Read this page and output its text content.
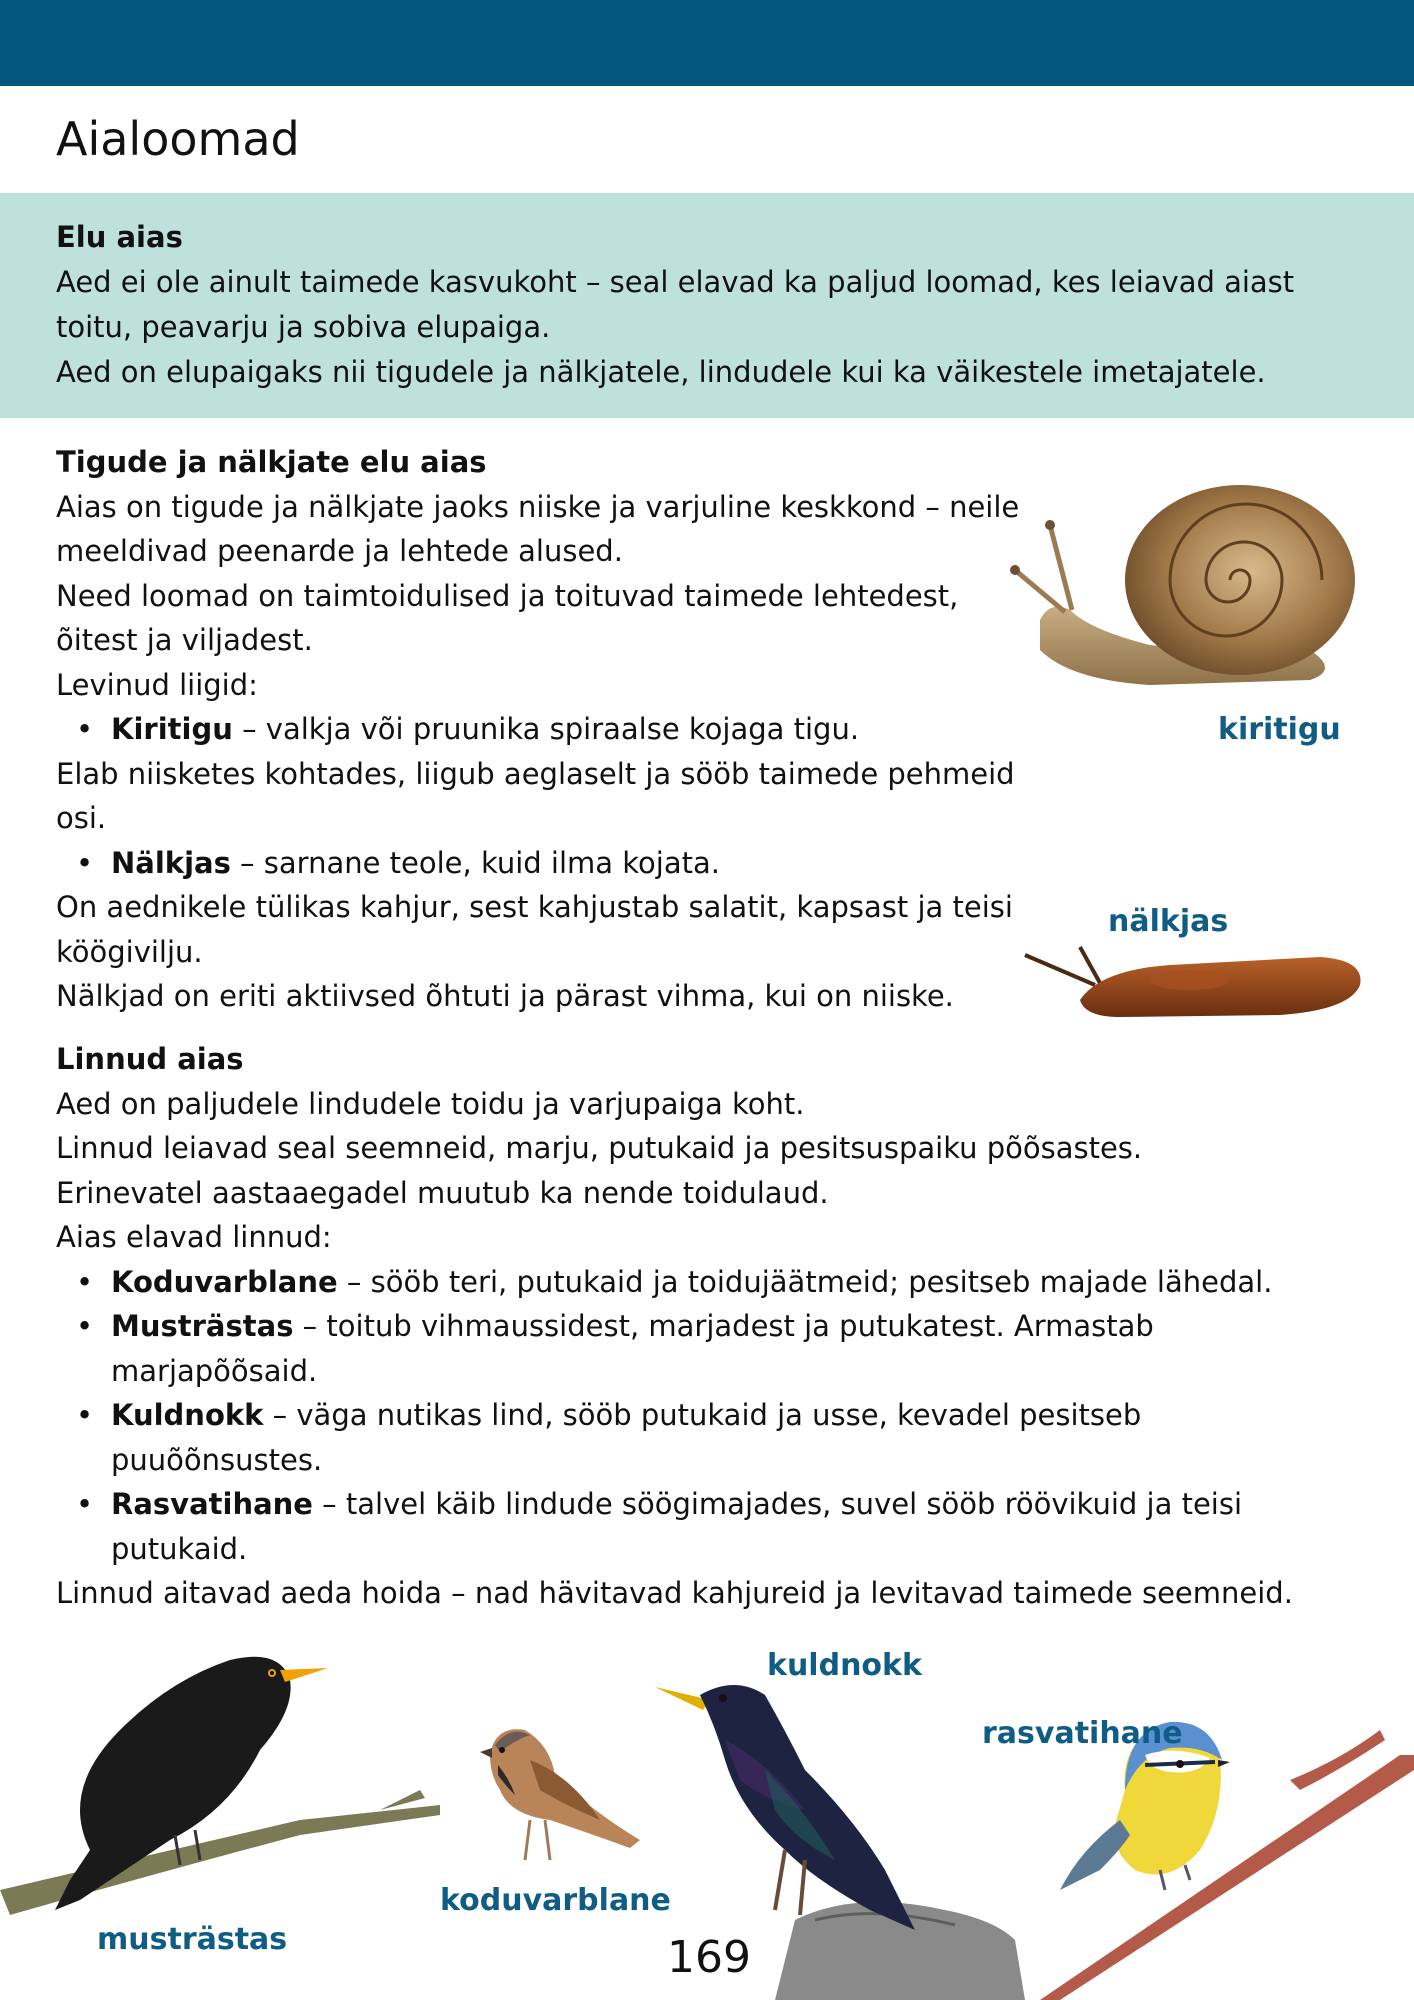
Aialoomad
Elu aias
Aed ei ole ainult taimede kasvukoht – seal elavad ka paljud loomad, kes leiavad aiast toitu, peavarju ja sobiva elupaiga.
Aed on elupaigaks nii tigudele ja nälkjatele, lindudele kui ka väikestele imetajatele.
Tigude ja nälkjate elu aias
Aias on tigude ja nälkjate jaoks niiske ja varjuline keskkond – neile meeldivad peenarde ja lehtede alused.
Need loomad on taimtoidulised ja toituvad taimede lehtedest, õitest ja viljadest.
Levinud liigid:
• Kiritigu – valkja või pruunika spiraalse kojaga tigu.
Elab niisketes kohtades, liigub aeglaselt ja sööb taimede pehmeid osi.
• Nälkjas – sarnane teole, kuid ilma kojata.
On aednikele tülikas kahjur, sest kahjustab salatit, kapsast ja teisi köögivilju.
Nälkjad on eriti aktiivsed õhtuti ja pärast vihma, kui on niiske.
kiritigu
nälkjas
Linnud aias
Aed on paljudele lindudele toidu ja varjupaiga koht.
Linnud leiavad seal seemneid, marju, putukaid ja pesitsuspaiku põõsastes.
Erinevatel aastaaegadel muutub ka nende toidulaud.
Aias elavad linnud:
• Koduvarblane – sööb teri, putukaid ja toidujäätmeid; pesitseb majade lähedal.
• Musträstas – toitub vihmaussidest, marjadest ja putukatest. Armastab marjapõõsaid.
• Kuldnokk – väga nutikas lind, sööb putukaid ja usse, kevadel pesitseb puuõõnsustes.
• Rasvatihane – talvel käib lindude söögimajades, suvel sööb röövikuid ja teisi putukaid.
Linnud aitavad aeda hoida – nad hävitavad kahjureid ja levitavad taimede seemneid.
musträstas
koduvarblane
kuldnokk
rasvatihane
169
